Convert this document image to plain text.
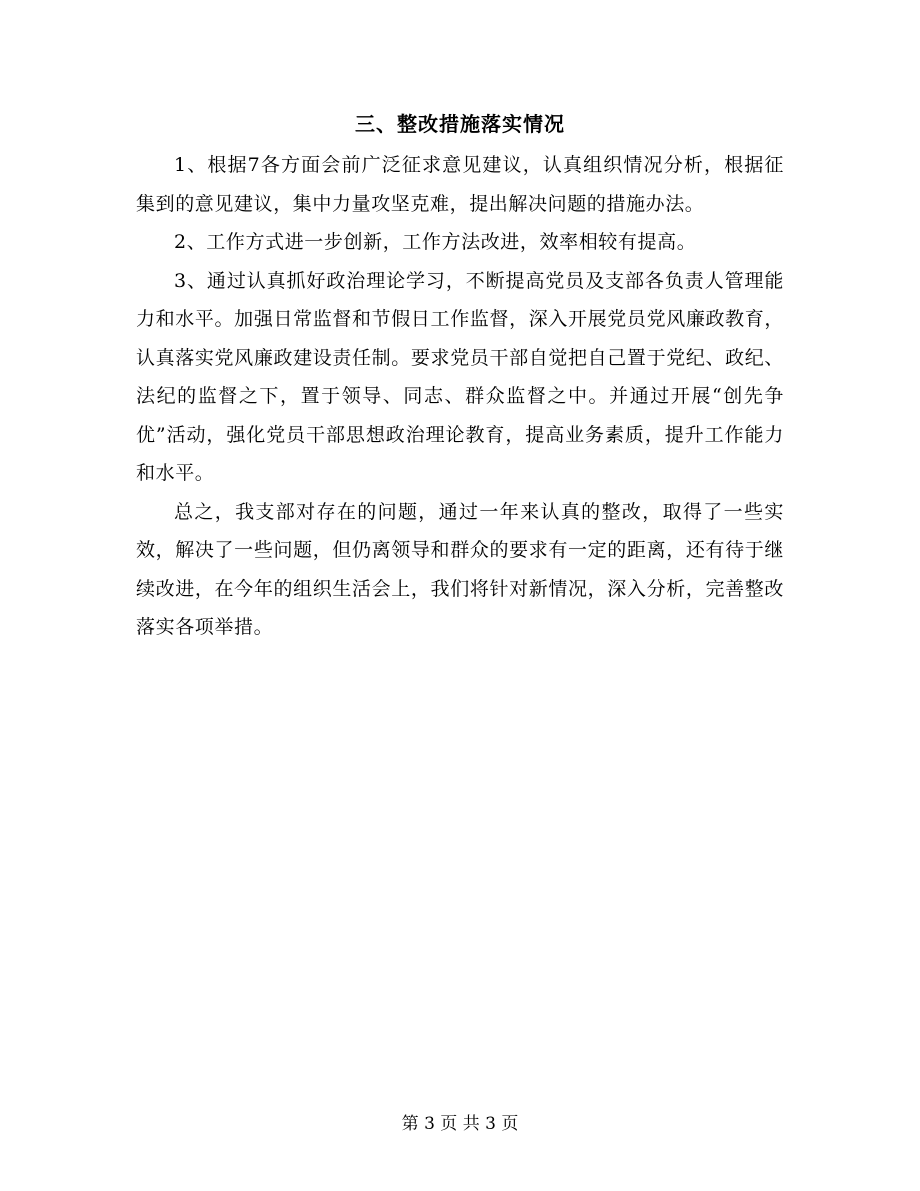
三、整改措施落实情况

1、根据7各方面会前广泛征求意见建议，认真组织情况分析，根据征集到的意见建议，集中力量攻坚克难，提出解决问题的措施办法。

2、工作方式进一步创新，工作方法改进，效率相较有提高。

3、通过认真抓好政治理论学习，不断提高党员及支部各负责人管理能力和水平。加强日常监督和节假日工作监督，深入开展党员党风廉政教育，认真落实党风廉政建设责任制。要求党员干部自觉把自己置于党纪、政纪、法纪的监督之下，置于领导、同志、群众监督之中。并通过开展“创先争优”活动，强化党员干部思想政治理论教育，提高业务素质，提升工作能力和水平。

总之，我支部对存在的问题，通过一年来认真的整改，取得了一些实效，解决了一些问题，但仍离领导和群众的要求有一定的距离，还有待于继续改进，在今年的组织生活会上，我们将针对新情况，深入分析，完善整改落实各项举措。

第 3 页 共 3 页
